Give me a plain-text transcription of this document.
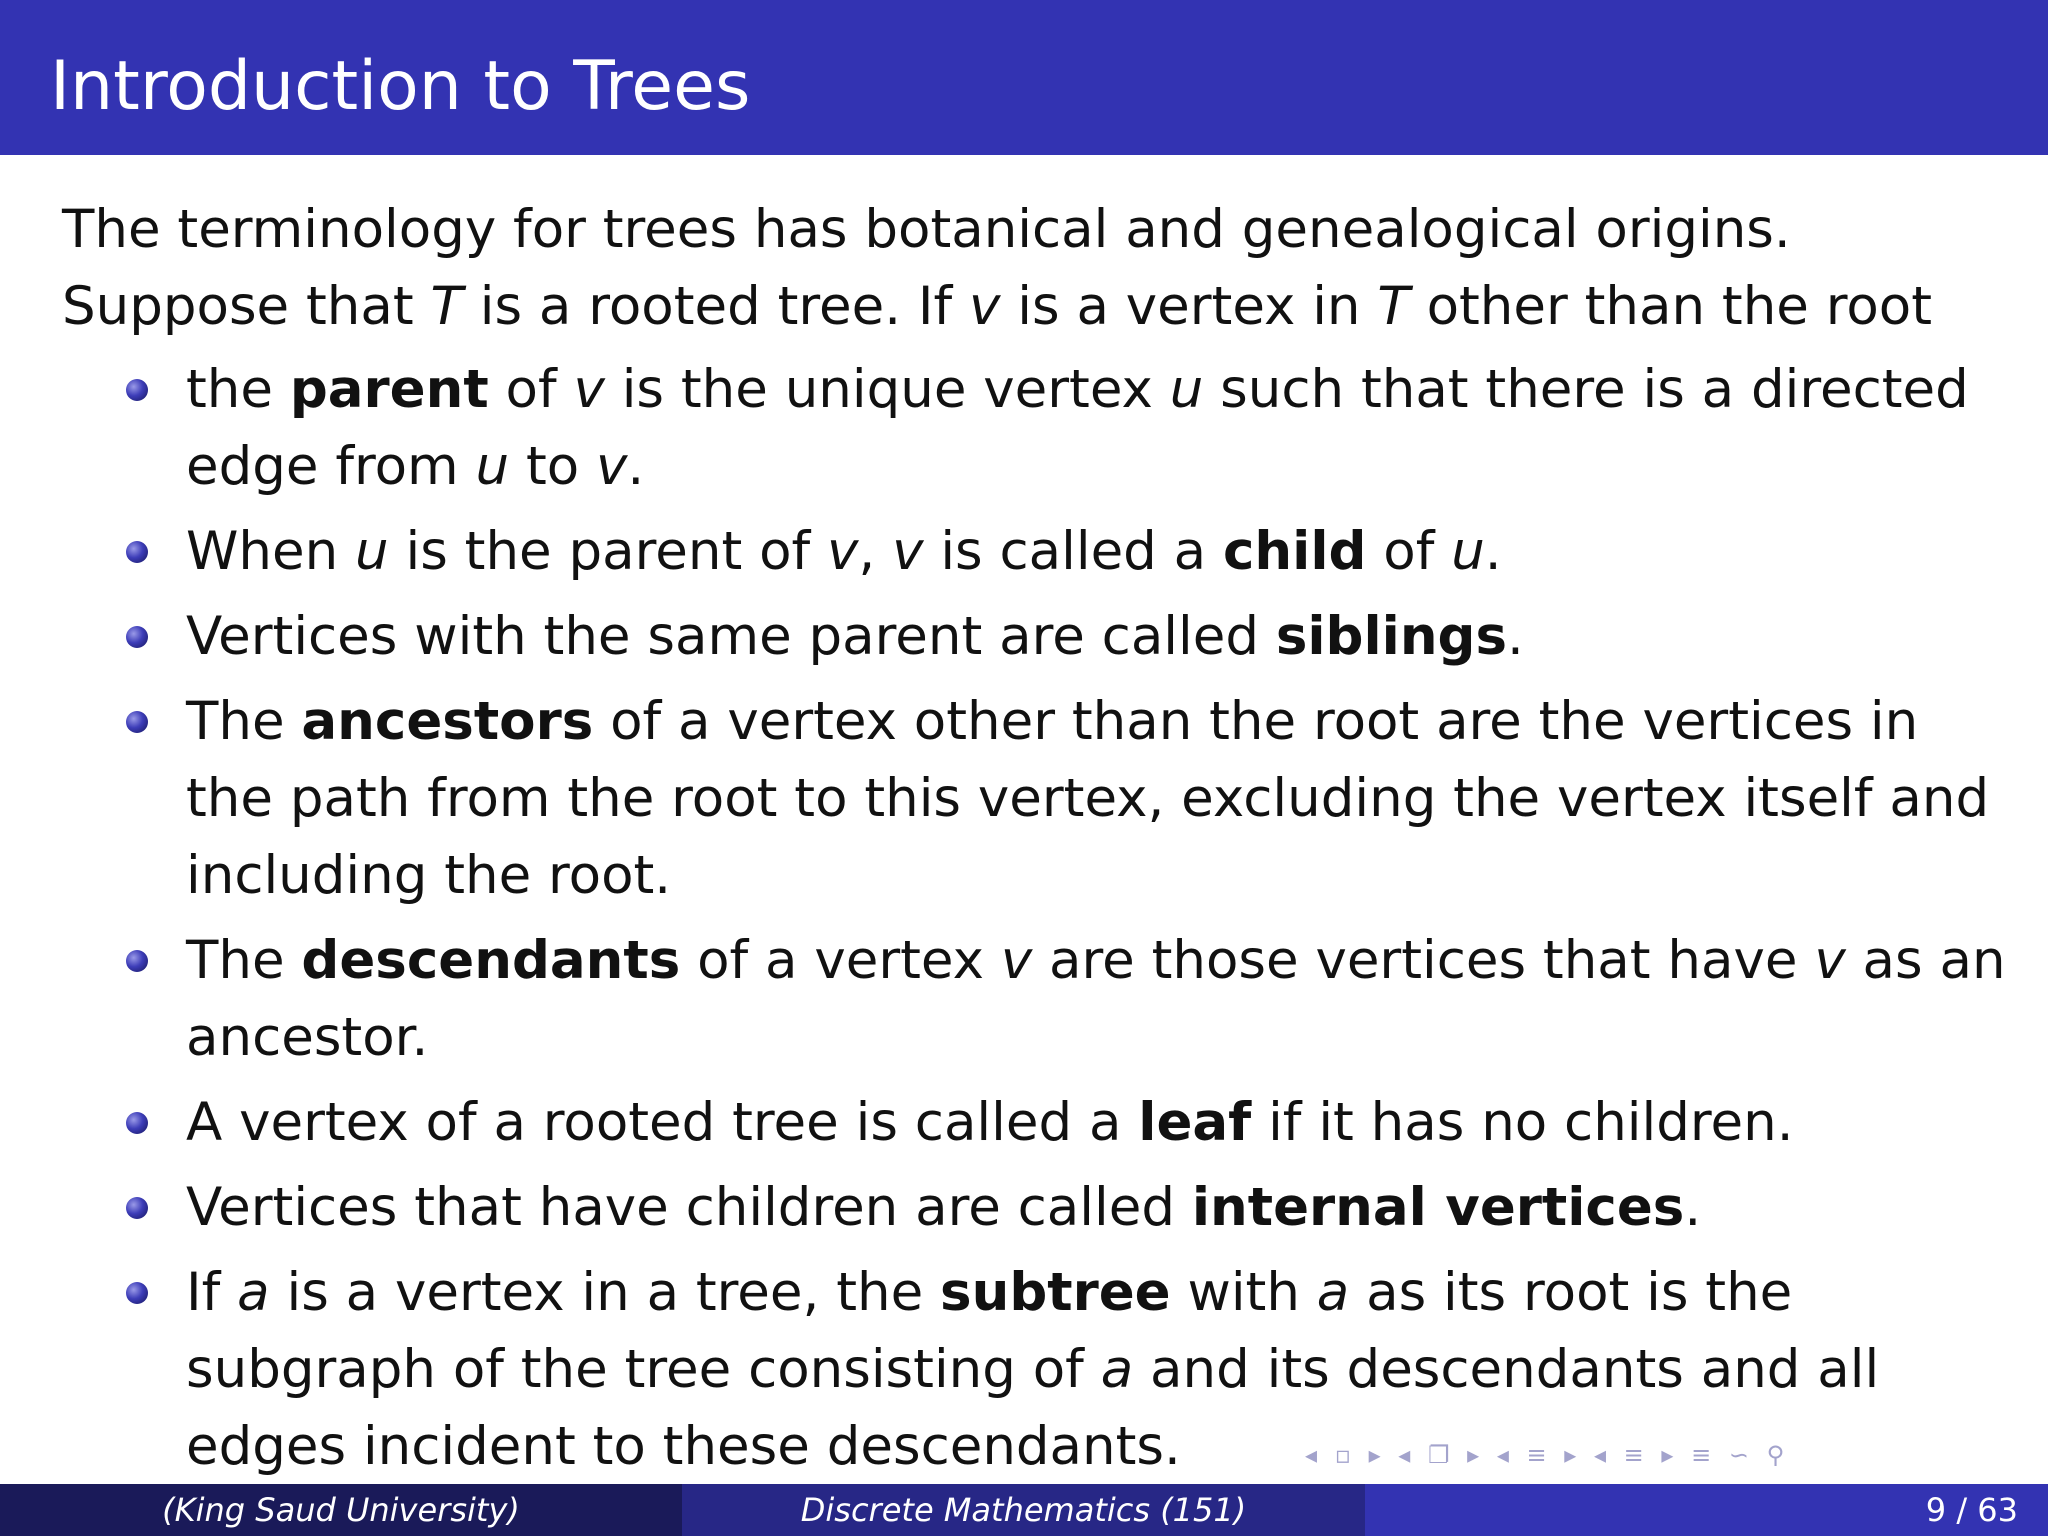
Introduction to Trees

The terminology for trees has botanical and genealogical origins. Suppose that T is a rooted tree. If v is a vertex in T other than the root

the parent of v is the unique vertex u such that there is a directed edge from u to v.
When u is the parent of v, v is called a child of u.
Vertices with the same parent are called siblings.
The ancestors of a vertex other than the root are the vertices in the path from the root to this vertex, excluding the vertex itself and including the root.
The descendants of a vertex v are those vertices that have v as an ancestor.
A vertex of a rooted tree is called a leaf if it has no children.
Vertices that have children are called internal vertices.
If a is a vertex in a tree, the subtree with a as its root is the subgraph of the tree consisting of a and its descendants and all edges incident to these descendants.	◂ ▫ ▸ ◂ ❐ ▸ ◂ ≡ ▸ ◂ ≡ ▸ ≡ ∽ ⚲
(King Saud University)	Discrete Mathematics (151)	9 / 63
